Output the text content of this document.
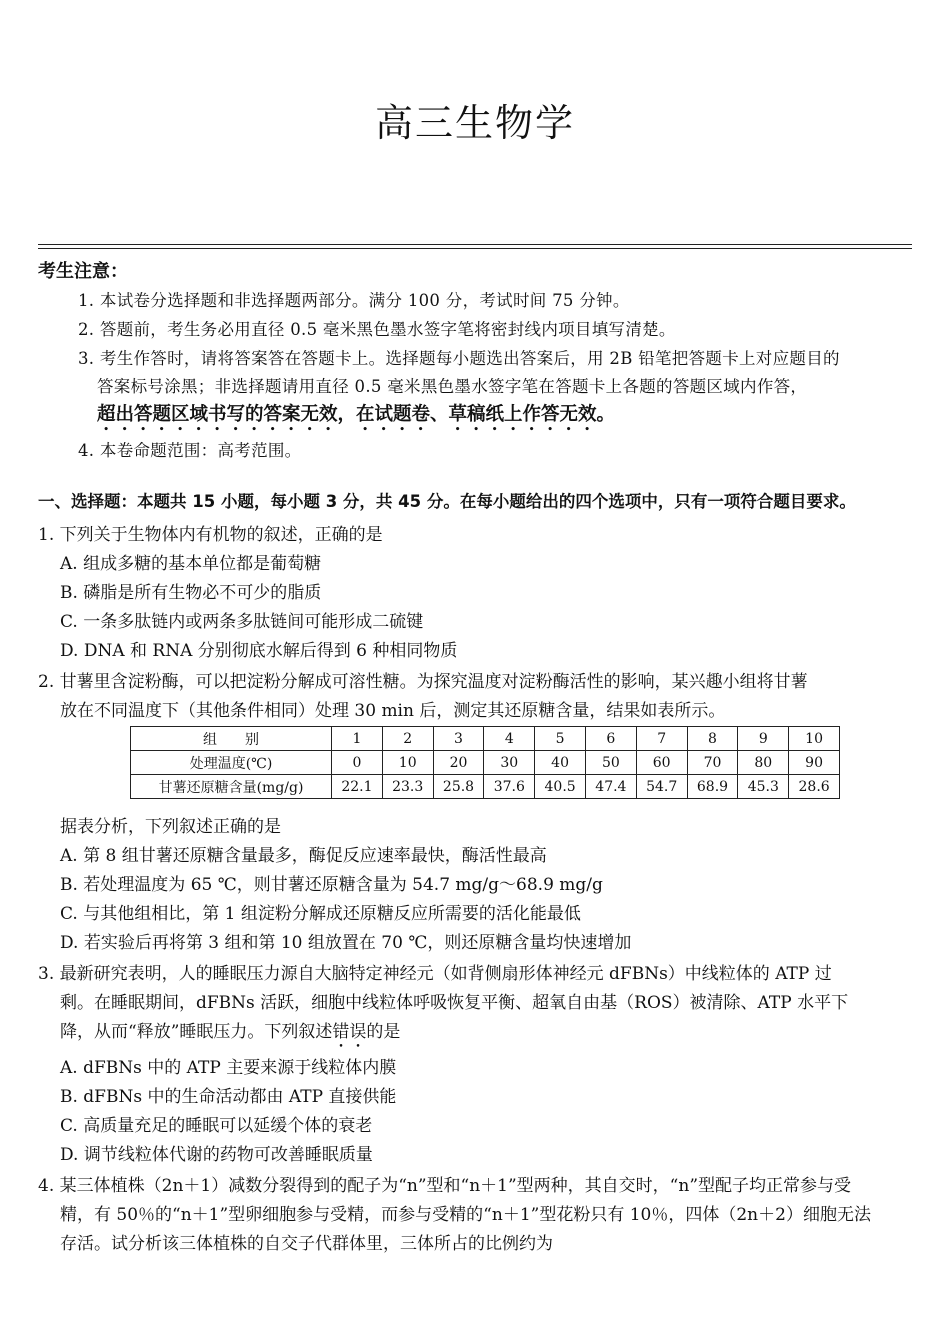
高三生物学
考生注意：
1. 本试卷分选择题和非选择题两部分。满分 100 分，考试时间 75 分钟。
2. 答题前，考生务必用直径 0.5 毫米黑色墨水签字笔将密封线内项目填写清楚。
3. 考生作答时，请将答案答在答题卡上。选择题每小题选出答案后，用 2B 铅笔把答题卡上对应题目的
答案标号涂黑；非选择题请用直径 0.5 毫米黑色墨水签字笔在答题卡上各题的答题区域内作答，
超出答题区域书写的答案无效，在试题卷、草稿纸上作答无效。
4. 本卷命题范围：高考范围。
一、选择题：本题共 15 小题，每小题 3 分，共 45 分。在每小题给出的四个选项中，只有一项符合题目要求。
1. 下列关于生物体内有机物的叙述，正确的是
A. 组成多糖的基本单位都是葡萄糖
B. 磷脂是所有生物必不可少的脂质
C. 一条多肽链内或两条多肽链间可能形成二硫键
D. DNA 和 RNA 分别彻底水解后得到 6 种相同物质
2. 甘薯里含淀粉酶，可以把淀粉分解成可溶性糖。为探究温度对淀粉酶活性的影响，某兴趣小组将甘薯
放在不同温度下（其他条件相同）处理 30 min 后，测定其还原糖含量，结果如表所示。
组　　别	1	2	3	4	5	6	7	8	9	10
处理温度(℃)	0	10	20	30	40	50	60	70	80	90
甘薯还原糖含量(mg/g)	22.1	23.3	25.8	37.6	40.5	47.4	54.7	68.9	45.3	28.6
据表分析，下列叙述正确的是
A. 第 8 组甘薯还原糖含量最多，酶促反应速率最快，酶活性最高
B. 若处理温度为 65 ℃，则甘薯还原糖含量为 54.7 mg/g～68.9 mg/g
C. 与其他组相比，第 1 组淀粉分解成还原糖反应所需要的活化能最低
D. 若实验后再将第 3 组和第 10 组放置在 70 ℃，则还原糖含量均快速增加
3. 最新研究表明，人的睡眠压力源自大脑特定神经元（如背侧扇形体神经元 dFBNs）中线粒体的 ATP 过
剩。在睡眠期间，dFBNs 活跃，细胞中线粒体呼吸恢复平衡、超氧自由基（ROS）被清除、ATP 水平下
降，从而“释放”睡眠压力。下列叙述错误的是
A. dFBNs 中的 ATP 主要来源于线粒体内膜
B. dFBNs 中的生命活动都由 ATP 直接供能
C. 高质量充足的睡眠可以延缓个体的衰老
D. 调节线粒体代谢的药物可改善睡眠质量
4. 某三体植株（2n＋1）减数分裂得到的配子为“n”型和“n＋1”型两种，其自交时，“n”型配子均正常参与受
精，有 50％的“n＋1”型卵细胞参与受精，而参与受精的“n＋1”型花粉只有 10％，四体（2n＋2）细胞无法
存活。试分析该三体植株的自交子代群体里，三体所占的比例约为
